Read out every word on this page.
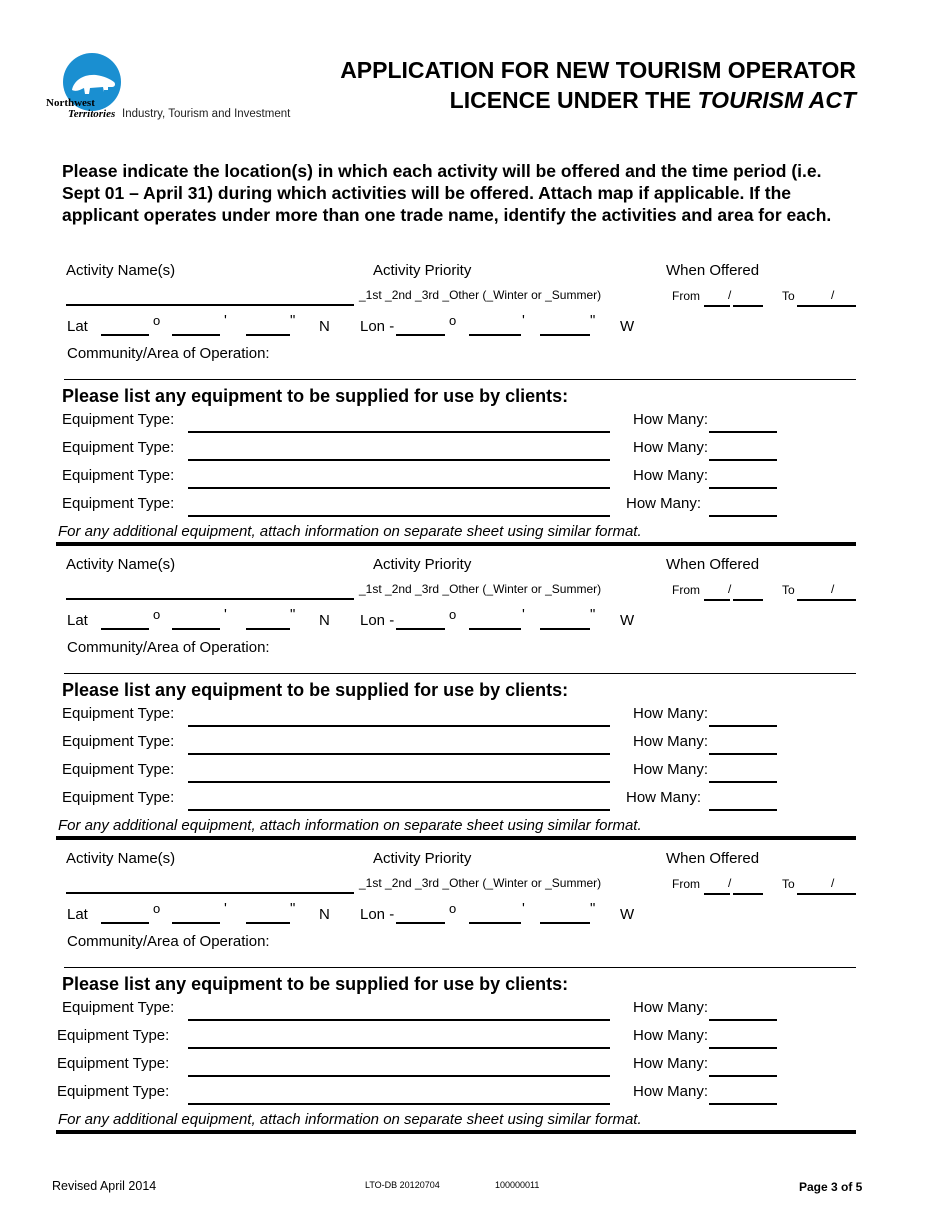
Northwest
Territories Industry, Tourism and Investment
APPLICATION FOR NEW TOURISM OPERATOR
LICENCE UNDER THE TOURISM ACT
Please indicate the location(s) in which each activity will be offered and the time period (i.e. Sept 01 – April 31) during which activities will be offered. Attach map if applicable. If the applicant operates under more than one trade name, identify the activities and area for each.
Activity Name(s)	Activity Priority	When Offered
_1st _2nd _3rd _Other (_Winter or _Summer)	From /	To	/
Lat	o	'	" N Lon -	o	'	" W
Community/Area of Operation:
Please list any equipment to be supplied for use by clients:
Equipment Type:	How Many:
Equipment Type:	How Many:
Equipment Type:	How Many:
Equipment Type:	How Many:
For any additional equipment, attach information on separate sheet using similar format.
Activity Name(s)	Activity Priority	When Offered
_1st _2nd _3rd _Other (_Winter or _Summer)	From /	To	/
Lat	o	'	" N Lon -	o	'	" W
Community/Area of Operation:
Please list any equipment to be supplied for use by clients:
Equipment Type:	How Many:
Equipment Type:	How Many:
Equipment Type:	How Many:
Equipment Type:	How Many:
For any additional equipment, attach information on separate sheet using similar format.
Activity Name(s)	Activity Priority	When Offered
_1st _2nd _3rd _Other (_Winter or _Summer)	From /	To	/
Lat	o	'	" N Lon -	o	'	" W
Community/Area of Operation:
Please list any equipment to be supplied for use by clients:
Equipment Type:	How Many:
Equipment Type:	How Many:
Equipment Type:	How Many:
Equipment Type:	How Many:
For any additional equipment, attach information on separate sheet using similar format.
Revised April 2014	LTO-DB 20120704	100000011	Page 3 of 5
